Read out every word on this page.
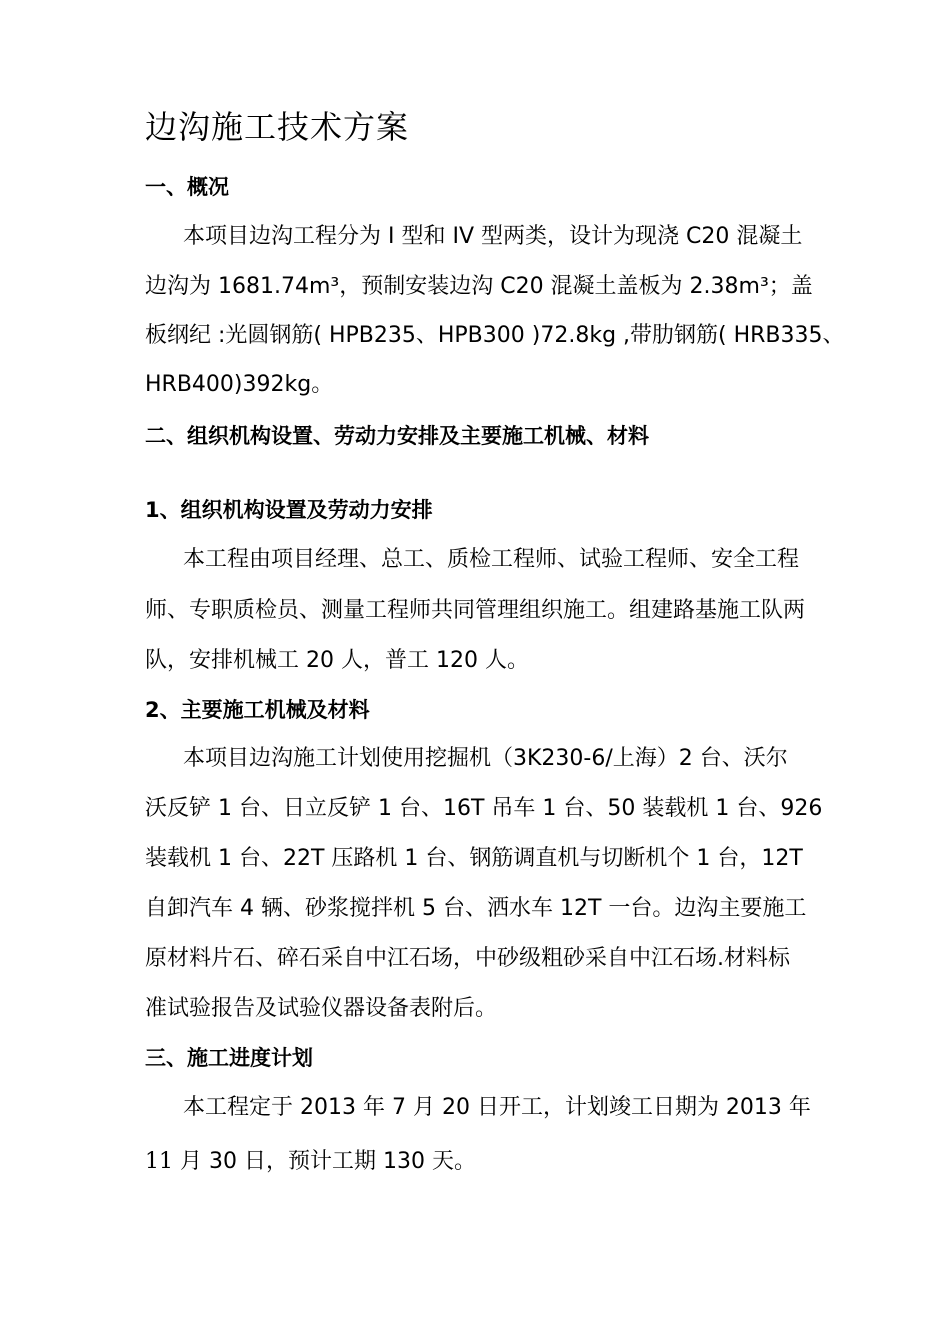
边沟施工技术方案
一、概况
本项目边沟工程分为 I 型和 IV 型两类，设计为现浇 C20 混凝土
边沟为 1681.74m³，预制安装边沟 C20 混凝土盖板为 2.38m³；盖
板纲纪 :光圆钢筋( HPB235、HPB300 )72.8kg ,带肋钢筋( HRB335、
HRB400)392kg。
二、组织机构设置、劳动力安排及主要施工机械、材料
1、组织机构设置及劳动力安排
本工程由项目经理、总工、质检工程师、试验工程师、安全工程
师、专职质检员、测量工程师共同管理组织施工。组建路基施工队两
队，安排机械工 20 人，普工 120 人。
2、主要施工机械及材料
本项目边沟施工计划使用挖掘机（3K230-6/上海）2 台、沃尔
沃反铲 1 台、日立反铲 1 台、16T 吊车 1 台、50 装载机 1 台、926
装载机 1 台、22T 压路机 1 台、钢筋调直机与切断机个 1 台，12T
自卸汽车 4 辆、砂浆搅拌机 5 台、洒水车 12T 一台。边沟主要施工
原材料片石、碎石采自中江石场，中砂级粗砂采自中江石场.材料标
准试验报告及试验仪器设备表附后。
三、施工进度计划
本工程定于 2013 年 7 月 20 日开工，计划竣工日期为 2013 年
11 月 30 日，预计工期 130 天。
